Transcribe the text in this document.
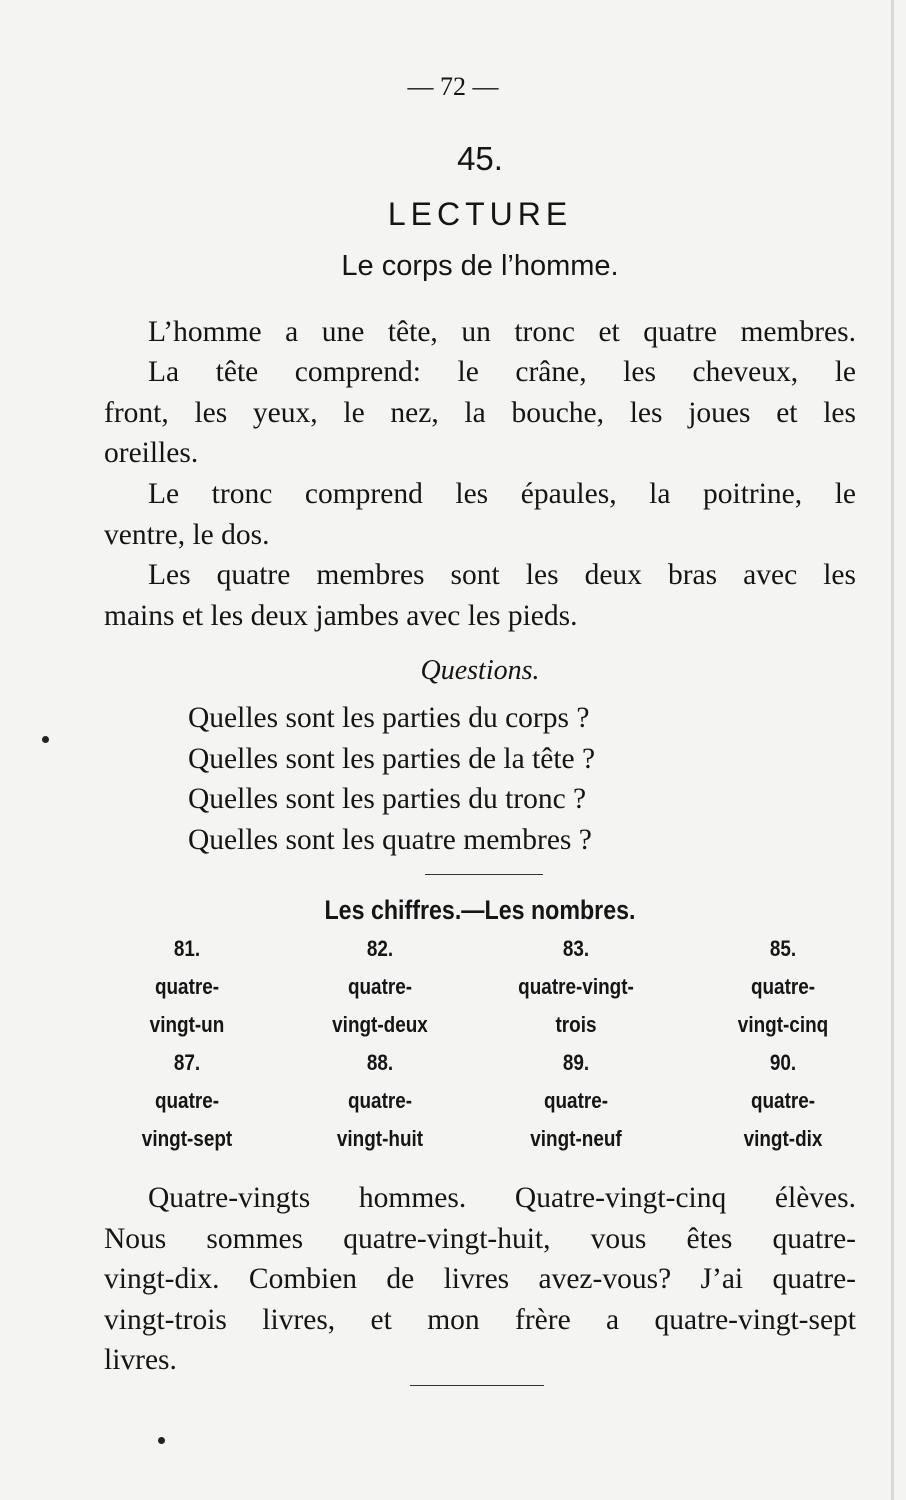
— 72 —
45.
LECTURE
Le corps de l’homme.
L’homme a une tête, un tronc et quatre membres.
La tête comprend: le crâne, les cheveux, le
front, les yeux, le nez, la bouche, les joues et les
oreilles.
Le tronc comprend les épaules, la poitrine, le
ventre, le dos.
Les quatre membres sont les deux bras avec les
mains et les deux jambes avec les pieds.
Questions.
Quelles sont les parties du corps ?
Quelles sont les parties de la tête ?
Quelles sont les parties du tronc ?
Quelles sont les quatre membres ?
Les chiffres.—Les nombres.
81.	82.	83.	85.
quatre-	quatre-	quatre-vingt-	quatre-
vingt-un	vingt-deux	trois	vingt-cinq
87.	88.	89.	90.
quatre-	quatre-	quatre-	quatre-
vingt-sept	vingt-huit	vingt-neuf	vingt-dix
Quatre-vingts hommes. Quatre-vingt-cinq élèves.
Nous sommes quatre-vingt-huit, vous êtes quatre-
vingt-dix. Combien de livres avez-vous? J’ai quatre-
vingt-trois livres, et mon frère a quatre-vingt-sept
livres.
